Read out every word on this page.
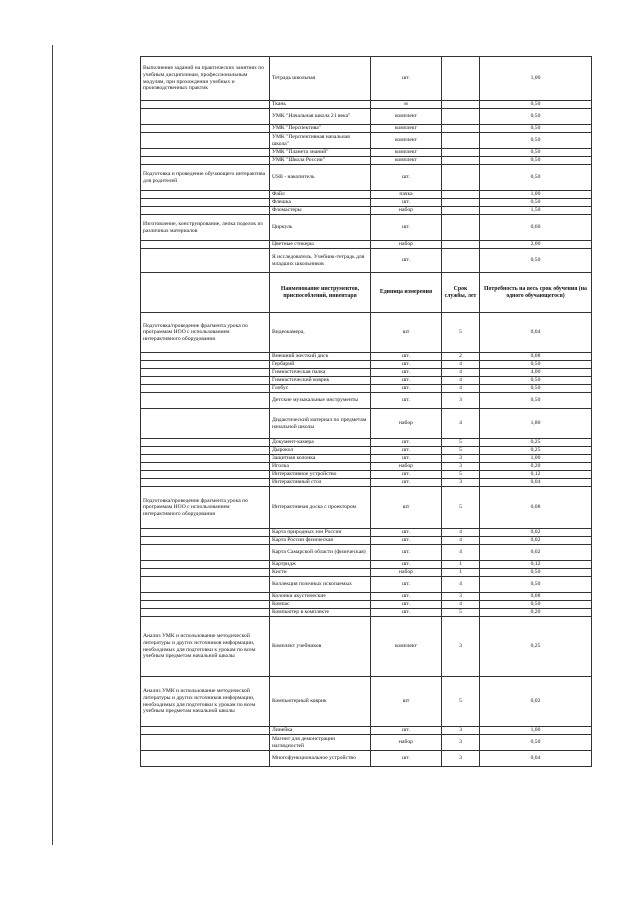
Выполнение заданий на практических занятиях по учебным дисциплинам, профессиональным модулям, при прохождении учебных и производственных практик	Тетрадь школьная	шт.		1,00
	Ткань	м		0,50
	УМК "Начальная школа 21 века"	комплект		0,50
	УМК "Перспектива"	комплект		0,50
	УМК "Перспективная начальная школа"	комплект		0,50
	УМК "Планета знаний"	комплект		0,50
	УМК "Школа России"	комплект		0,50
Подготовка и проведение обучающего интерактива для родителей	USB - накопитель	шт.		0,50
	Файл	пачка		1,00
	Флешка	шт.		0,50
	Фломастеры	набор		1,50
Изготовление, конструирование, лепка поделок из различных материалов	Циркуль	шт.		0,60
	Цветные стикеры	набор		2,00
	Я исследователь. Учебник-тетрадь для младших школьников	шт.		0,50
	Наименование инструментов, приспособлений, инвентаря	Единица измерения	Срок службы, лет	Потребность на весь срок обучения (на одного обучающегося)
Подготовка/проведение фрагмента урока по программам НОО с использованием интерактивного оборудования	Видеокамера,	шт	5	0,04
	Внешний жесткий диск	шт.	2	0,08
	Гербарий	шт.	4	0,50
	Гимнастическая палка	шт.	4	4,00
	Гимнастический коврик	шт.	4	0,50
	Глобус	шт.	4	0,50
	Детские музыкальные инструменты	шт.	3	0,50
	Дидактический материал по предметам начальной школы	набор	4	1,80
	Документ-камера	шт.	5	0,25
	Дырокол	шт.	5	0,25
	Защитная колонка	шт.	3	1,00
	Иголка	набор	3	0,20
	Интерактивное устройство	шт.	5	0,12
	Интерактивный стол	шт.	3	0,04
Подготовка/проведение фрагмента урока по программам НОО с использованием интерактивного оборудования	Интерактивная доска с проектором	шт	5	0,08
	Карта природных зон России	шт.	4	0,02
	Карта России физическая	шт.	4	0,02
	Карта Самарской области (физическая)	шт.	4	0,02
	Картридж	шт.	1	0,12
	Кисти	набор	1	0,50
	Коллекция полезных ископаемых	шт.	4	0,50
	Колонки акустические	шт.	3	0,08
	Компас	шт.	4	0,50
	Компьютер в комплекте	шт.	5	0,20
Анализ УМК и использование методической литературы и других источников информации, необходимых для подготовки к урокам по всем учебным предметам начальной школы	Комплект учебников	комплект	3	0,25
Анализ УМК и использование методической литературы и других источников информации, необходимых для подготовки к урокам по всем учебным предметам начальной школы	Компьютерный коврик	шт	5	0,02
	Линейка	шт.	3	1,00
	Магнит для демонстрации наглядностей	набор	3	0,50
	Многофункциональное устройство	шт.	3	0,04
